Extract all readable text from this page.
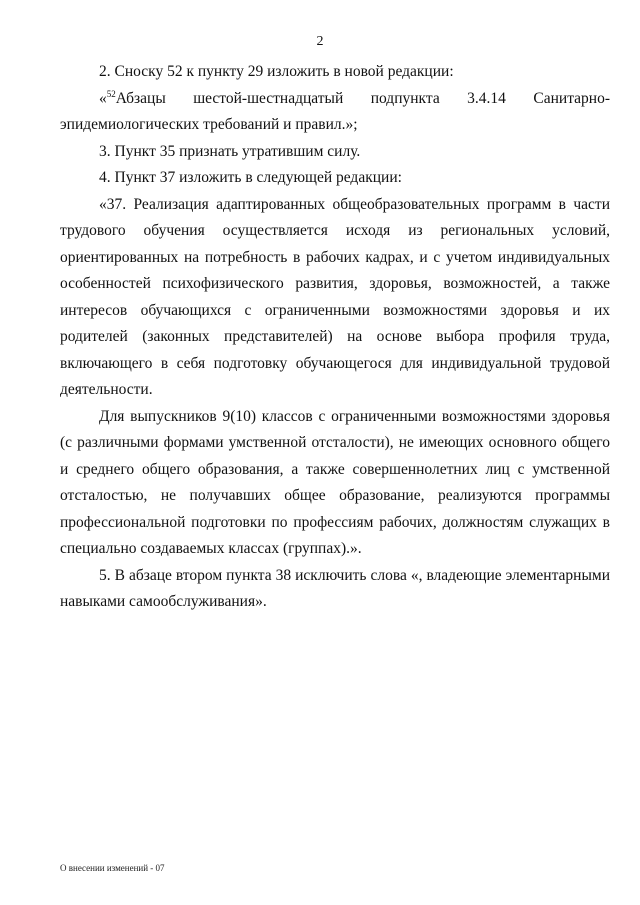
2

2. Сноску 52 к пункту 29 изложить в новой редакции:

«$^{52}$Абзацы шестой-шестнадцатый подпункта 3.4.14 Санитарно-эпидемиологических требований и правил.»;

3. Пункт 35 признать утратившим силу.

4. Пункт 37 изложить в следующей редакции:

«37. Реализация адаптированных общеобразовательных программ в части трудового обучения осуществляется исходя из региональных условий, ориентированных на потребность в рабочих кадрах, и с учетом индивидуальных особенностей психофизического развития, здоровья, возможностей, а также интересов обучающихся с ограниченными возможностями здоровья и их родителей (законных представителей) на основе выбора профиля труда, включающего в себя подготовку обучающегося для индивидуальной трудовой деятельности.

Для выпускников 9(10) классов с ограниченными возможностями здоровья (с различными формами умственной отсталости), не имеющих основного общего и среднего общего образования, а также совершеннолетних лиц с умственной отсталостью, не получавших общее образование, реализуются программы профессиональной подготовки по профессиям рабочих, должностям служащих в специально создаваемых классах (группах).».

5. В абзаце втором пункта 38 исключить слова «, владеющие элементарными навыками самообслуживания».

О внесении изменений - 07
